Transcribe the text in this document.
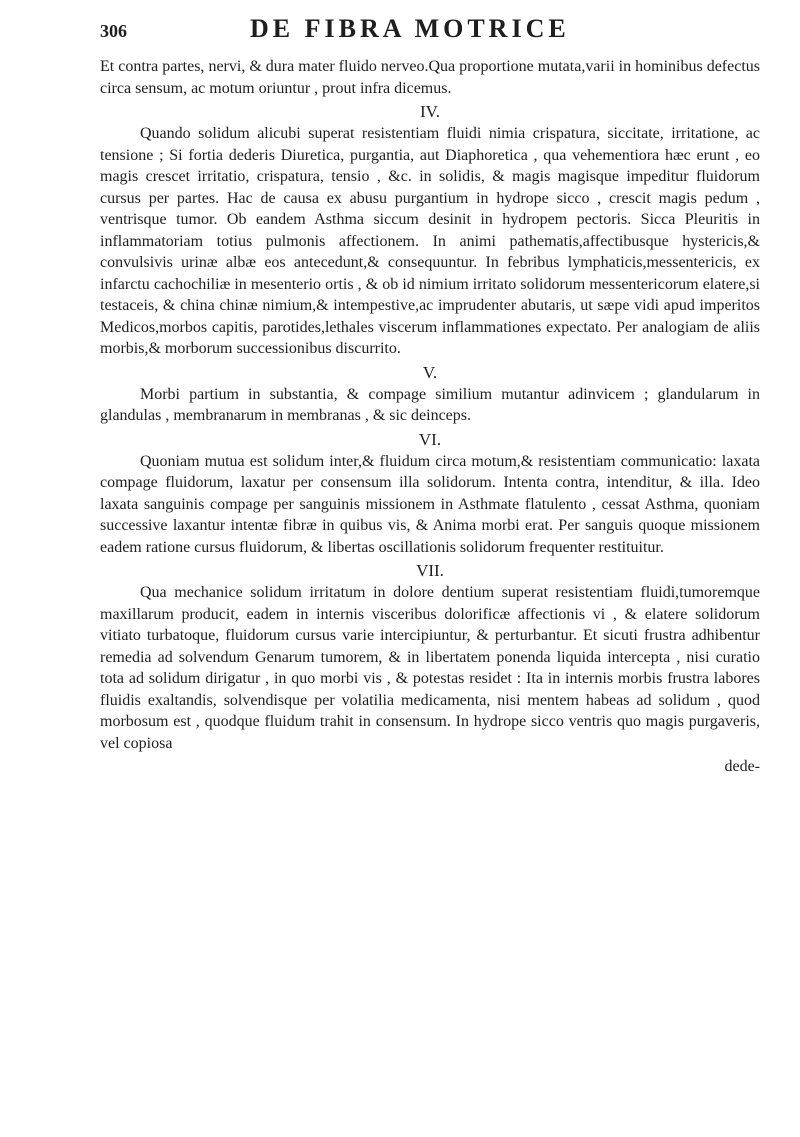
306	DE FIBRA MOTRICE

Et contra partes, nervi, & dura mater fluido nerveo.Qua proportione mutata,varii in hominibus defectus circa sensum, ac motum oriuntur , prout infra dicemus.

IV.

Quando solidum alicubi superat resistentiam fluidi nimia crispatura, siccitate, irritatione, ac tensione ; Si fortia dederis Diuretica, purgantia, aut Diaphoretica , qua vehementiora hæc erunt , eo magis crescet irritatio, crispatura, tensio , &c. in solidis, & magis magisque impeditur fluidorum cursus per partes. Hac de causa ex abusu purgantium in hydrope sicco , crescit magis pedum , ventrisque tumor. Ob eandem Asthma siccum desinit in hydropem pectoris. Sicca Pleuritis in inflammatoriam totius pulmonis affectionem. In animi pathematis,affectibusque hystericis,& convulsivis urinæ albæ eos antecedunt,& consequuntur. In febribus lymphaticis,messentericis, ex infarctu cachochiliæ in mesenterio ortis , & ob id nimium irritato solidorum messentericorum elatere,si testaceis, & china chinæ nimium,& intempestive,ac imprudenter abutaris, ut sæpe vidi apud imperitos Medicos,morbos capitis, parotides,lethales viscerum inflammationes expectato. Per analogiam de aliis morbis,& morborum successionibus discurrito.

V.

Morbi partium in substantia, & compage similium mutantur adinvicem ; glandularum in glandulas , membranarum in membranas , & sic deinceps.

VI.

Quoniam mutua est solidum inter,& fluidum circa motum,& resistentiam communicatio: laxata compage fluidorum, laxatur per consensum illa solidorum. Intenta contra, intenditur, & illa. Ideo laxata sanguinis compage per sanguinis missionem in Asthmate flatulento , cessat Asthma, quoniam successive laxantur intentæ fibræ in quibus vis, & Anima morbi erat. Per sanguis quoque missionem eadem ratione cursus fluidorum, & libertas oscillationis solidorum frequenter restituitur.

VII.

Qua mechanice solidum irritatum in dolore dentium superat resistentiam fluidi,tumoremque maxillarum producit, eadem in internis visceribus dolorificæ affectionis vi , & elatere solidorum vitiato turbatoque, fluidorum cursus varie intercipiuntur, & perturbantur. Et sicuti frustra adhibentur remedia ad solvendum Genarum tumorem, & in libertatem ponenda liquida intercepta , nisi curatio tota ad solidum dirigatur , in quo morbi vis , & potestas residet : Ita in internis morbis frustra labores fluidis exaltandis, solvendisque per volatilia medicamenta, nisi mentem habeas ad solidum , quod morbosum est , quodque fluidum trahit in consensum. In hydrope sicco ventris quo magis purgaveris, vel copiosa

dede-
